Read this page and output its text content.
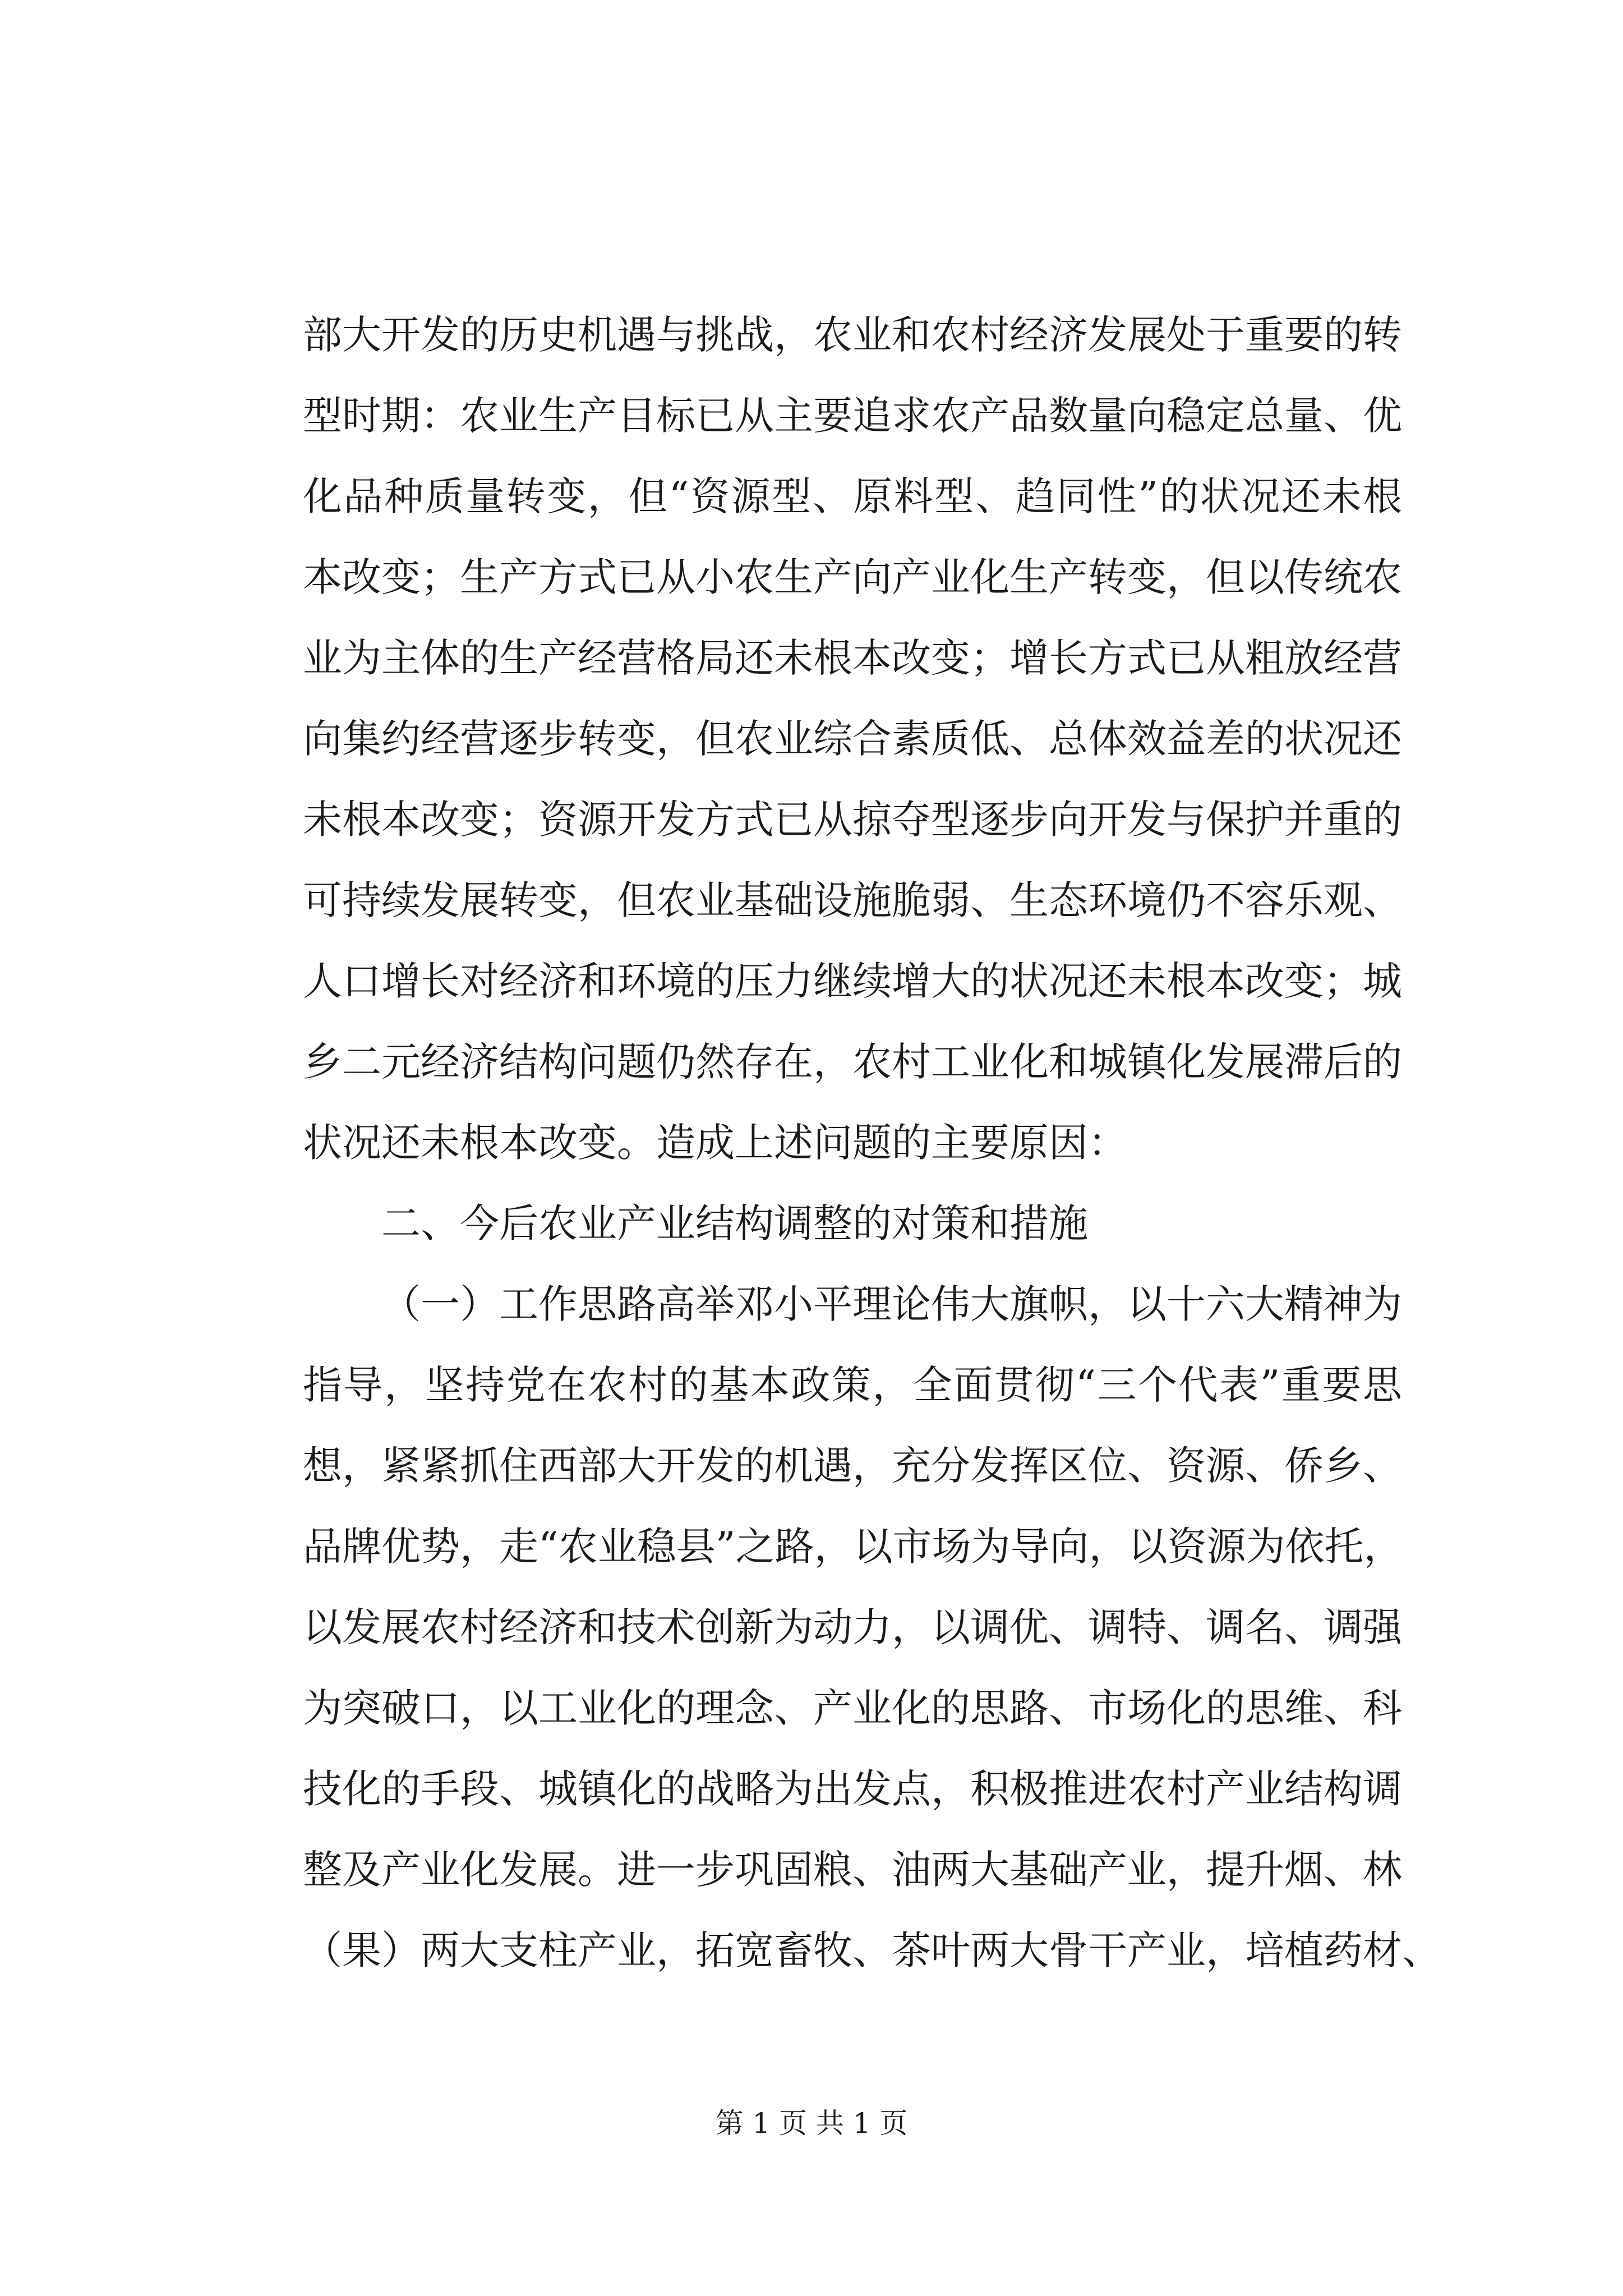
部大开发的历史机遇与挑战，农业和农村经济发展处于重要的转
型时期：农业生产目标已从主要追求农产品数量向稳定总量、优
化品种质量转变，但“资源型、原料型、趋同性”的状况还未根
本改变；生产方式已从小农生产向产业化生产转变，但以传统农
业为主体的生产经营格局还未根本改变；增长方式已从粗放经营
向集约经营逐步转变，但农业综合素质低、总体效益差的状况还
未根本改变；资源开发方式已从掠夺型逐步向开发与保护并重的
可持续发展转变，但农业基础设施脆弱、生态环境仍不容乐观、
人口增长对经济和环境的压力继续增大的状况还未根本改变；城
乡二元经济结构问题仍然存在，农村工业化和城镇化发展滞后的
状况还未根本改变。造成上述问题的主要原因：
二、今后农业产业结构调整的对策和措施
（一）工作思路高举邓小平理论伟大旗帜，以十六大精神为
指导，坚持党在农村的基本政策，全面贯彻“三个代表”重要思
想，紧紧抓住西部大开发的机遇，充分发挥区位、资源、侨乡、
品牌优势，走“农业稳县”之路，以市场为导向，以资源为依托，
以发展农村经济和技术创新为动力，以调优、调特、调名、调强
为突破口，以工业化的理念、产业化的思路、市场化的思维、科
技化的手段、城镇化的战略为出发点，积极推进农村产业结构调
整及产业化发展。进一步巩固粮、油两大基础产业，提升烟、林
（果）两大支柱产业，拓宽畜牧、茶叶两大骨干产业，培植药材、
第 1 页 共 1 页
